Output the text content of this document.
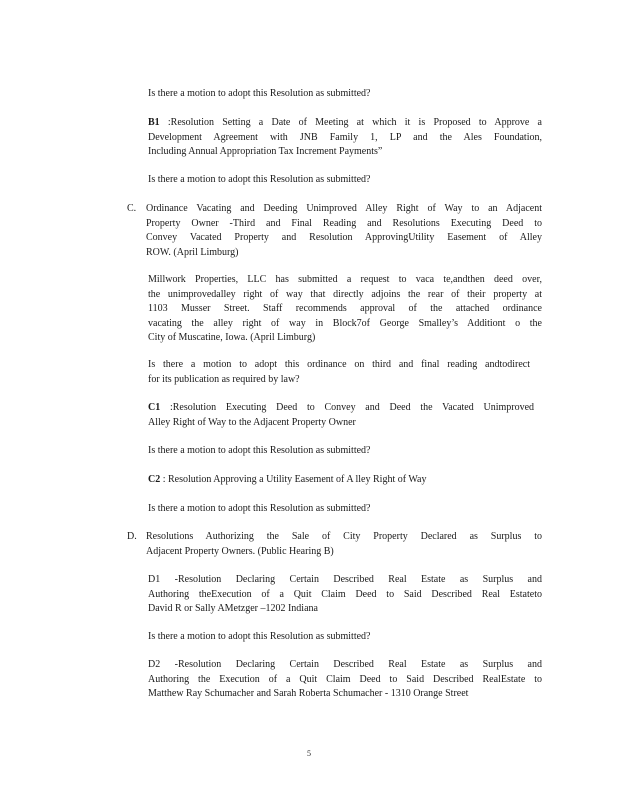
Is there a motion to adopt this Resolution as submitted?
B1 :Resolution Setting a Date of Meeting at which it is Proposed to Approve a
Development Agreement with JNB Family 1, LP and the Ales Foundation,
Including Annual Appropriation Tax Increment Payments”
Is there a motion to adopt this Resolution as submitted?
C. Ordinance Vacating and Deeding Unimproved Alley Right of Way to an Adjacent
Property Owner -Third and Final Reading and Resolutions Executing Deed to
Convey Vacated Property and Resolution ApprovingUtility Easement of Alley
ROW. (April Limburg)
Millwork Properties, LLC has submitted a request to vaca te,andthen deed over,
the unimprovedalley right of way that directly adjoins the rear of their property at
1103 Musser Street. Staff recommends approval of the attached ordinance
vacating the alley right of way in Block7of George Smalley’s Additiont o the
City of Muscatine, Iowa. (April Limburg)
Is there a motion to adopt this ordinance on third and final reading andtodirect
for its publication as required by law?
C1 :Resolution Executing Deed to Convey and Deed the Vacated Unimproved
Alley Right of Way to the Adjacent Property Owner
Is there a motion to adopt this Resolution as submitted?
C2 : Resolution Approving a Utility Easement of A lley Right of Way
Is there a motion to adopt this Resolution as submitted?
D. Resolutions Authorizing the Sale of City Property Declared as Surplus to
Adjacent Property Owners. (Public Hearing B)
D1 -Resolution Declaring Certain Described Real Estate as Surplus and
Authoring theExecution of a Quit Claim Deed to Said Described Real Estateto
David R or Sally AMetzger –1202 Indiana
Is there a motion to adopt this Resolution as submitted?
D2 -Resolution Declaring Certain Described Real Estate as Surplus and
Authoring the Execution of a Quit Claim Deed to Said Described RealEstate to
Matthew Ray Schumacher and Sarah Roberta Schumacher - 1310 Orange Street
5
